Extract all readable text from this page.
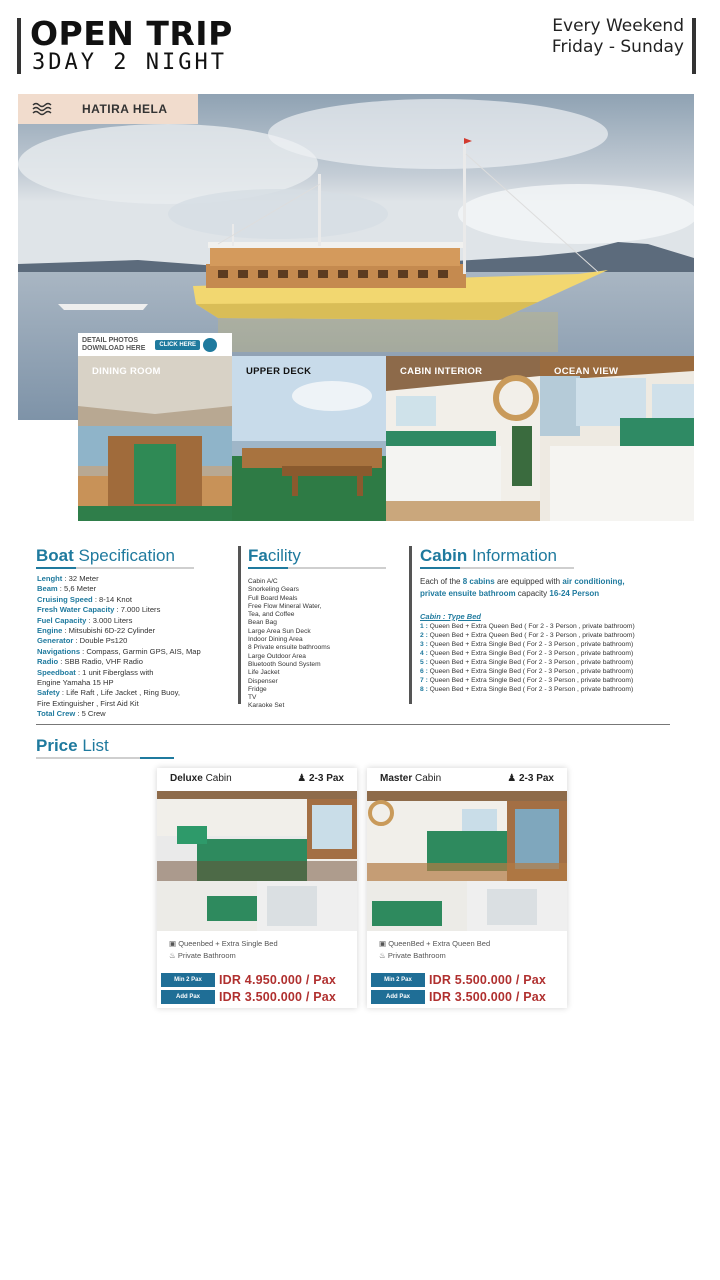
OPEN TRIP
3DAY 2 NIGHT
Every Weekend
Friday - Sunday
HATIRA HELA
DETAIL PHOTOS
DOWNLOAD HERE	CLICK HERE
DINING ROOM	UPPER DECK	CABIN INTERIOR	OCEAN VIEW
Boat Specification
Lenght : 32 Meter
Beam : 5,6 Meter
Cruising Speed : 8-14 Knot
Fresh Water Capacity : 7.000 Liters
Fuel Capacity : 3.000 Liters
Engine : Mitsubishi 6D-22 Cylinder
Generator : Double Ps120
Navigations : Compass, Garmin GPS, AIS, Map
Radio : SBB Radio, VHF Radio
Speedboat : 1 unit Fiberglass with
Engine Yamaha 15 HP
Safety : Life Raft , Life Jacket , Ring Buoy,
Fire Extinguisher , First Aid Kit
Total Crew : 5 Crew
Facility
Cabin A/C
Snorkeling Gears
Full Board Meals
Free Flow Mineral Water,
Tea, and Coffee
Bean Bag
Large Area Sun Deck
Indoor Dining Area
8 Private ensuite bathrooms
Large Outdoor Area
Bluetooth Sound System
Life Jacket
Dispenser
Fridge
TV
Karaoke Set
Cabin Information
Each of the 8 cabins are equipped with air conditioning,
private ensuite bathroom capacity 16-24 Person
Cabin : Type Bed
1 : Queen Bed + Extra Queen Bed ( For 2 - 3 Person , private bathroom)
2 : Queen Bed + Extra Queen Bed ( For 2 - 3 Person , private bathroom)
3 : Queen Bed + Extra Single Bed ( For 2 - 3 Person , private bathroom)
4 : Queen Bed + Extra Single Bed ( For 2 - 3 Person , private bathroom)
5 : Queen Bed + Extra Single Bed ( For 2 - 3 Person , private bathroom)
6 : Queen Bed + Extra Single Bed ( For 2 - 3 Person , private bathroom)
7 : Queen Bed + Extra Single Bed ( For 2 - 3 Person , private bathroom)
8 : Queen Bed + Extra Single Bed ( For 2 - 3 Person , private bathroom)
Price List
Deluxe Cabin	♟ 2-3 Pax
▣ Queenbed + Extra Single Bed
♨ Private Bathroom
Min 2 Pax	IDR 4.950.000 / Pax
Add Pax	IDR 3.500.000 / Pax
Master Cabin	♟ 2-3 Pax
▣ QueenBed + Extra Queen Bed
♨ Private Bathroom
Min 2 Pax	IDR 5.500.000 / Pax
Add Pax	IDR 3.500.000 / Pax
